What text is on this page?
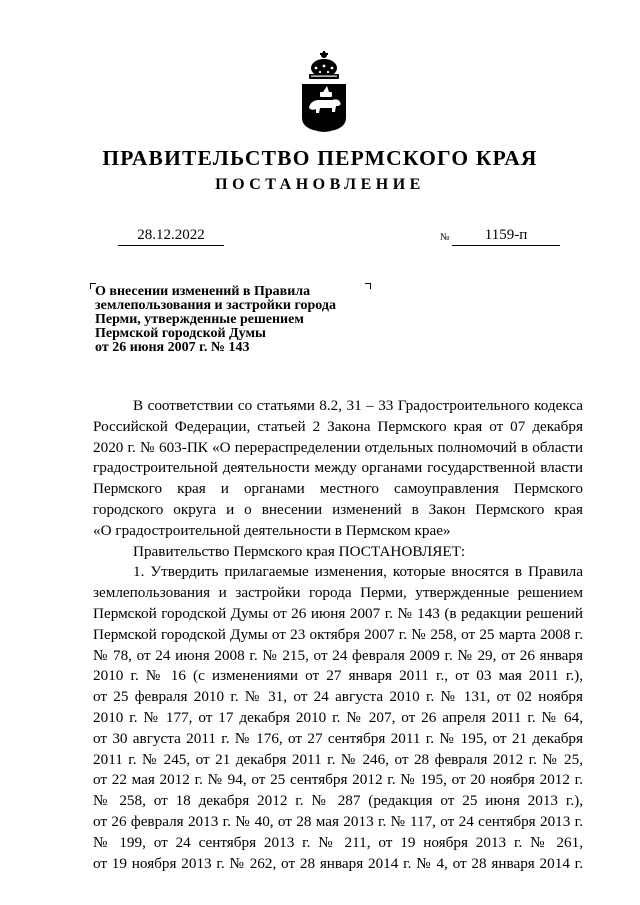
ПРАВИТЕЛЬСТВО ПЕРМСКОГО КРАЯ
ПОСТАНОВЛЕНИЕ
28.12.2022	№	1159-п
О внесении изменений в Правила
землепользования и застройки города
Перми, утвержденные решением
Пермской городской Думы
от 26 июня 2007 г. № 143
В соответствии со статьями 8.2, 31 – 33 Градостроительного кодекса
Российской Федерации, статьей 2 Закона Пермского края от 07 декабря
2020 г. № 603-ПК «О перераспределении отдельных полномочий в области
градостроительной деятельности между органами государственной власти
Пермского края и органами местного самоуправления Пермского
городского округа и о внесении изменений в Закон Пермского края
«О градостроительной деятельности в Пермском крае»
Правительство Пермского края ПОСТАНОВЛЯЕТ:
1. Утвердить прилагаемые изменения, которые вносятся в Правила
землепользования и застройки города Перми, утвержденные решением
Пермской городской Думы от 26 июня 2007 г. № 143 (в редакции решений
Пермской городской Думы от 23 октября 2007 г. № 258, от 25 марта 2008 г.
№ 78, от 24 июня 2008 г. № 215, от 24 февраля 2009 г. № 29, от 26 января
2010 г. № 16 (с изменениями от 27 января 2011 г., от 03 мая 2011 г.),
от 25 февраля 2010 г. № 31, от 24 августа 2010 г. № 131, от 02 ноября
2010 г. № 177, от 17 декабря 2010 г. № 207, от 26 апреля 2011 г. № 64,
от 30 августа 2011 г. № 176, от 27 сентября 2011 г. № 195, от 21 декабря
2011 г. № 245, от 21 декабря 2011 г. № 246, от 28 февраля 2012 г. № 25,
от 22 мая 2012 г. № 94, от 25 сентября 2012 г. № 195, от 20 ноября 2012 г.
№ 258, от 18 декабря 2012 г. № 287 (редакция от 25 июня 2013 г.),
от 26 февраля 2013 г. № 40, от 28 мая 2013 г. № 117, от 24 сентября 2013 г.
№ 199, от 24 сентября 2013 г. № 211, от 19 ноября 2013 г. № 261,
от 19 ноября 2013 г. № 262, от 28 января 2014 г. № 4, от 28 января 2014 г.
